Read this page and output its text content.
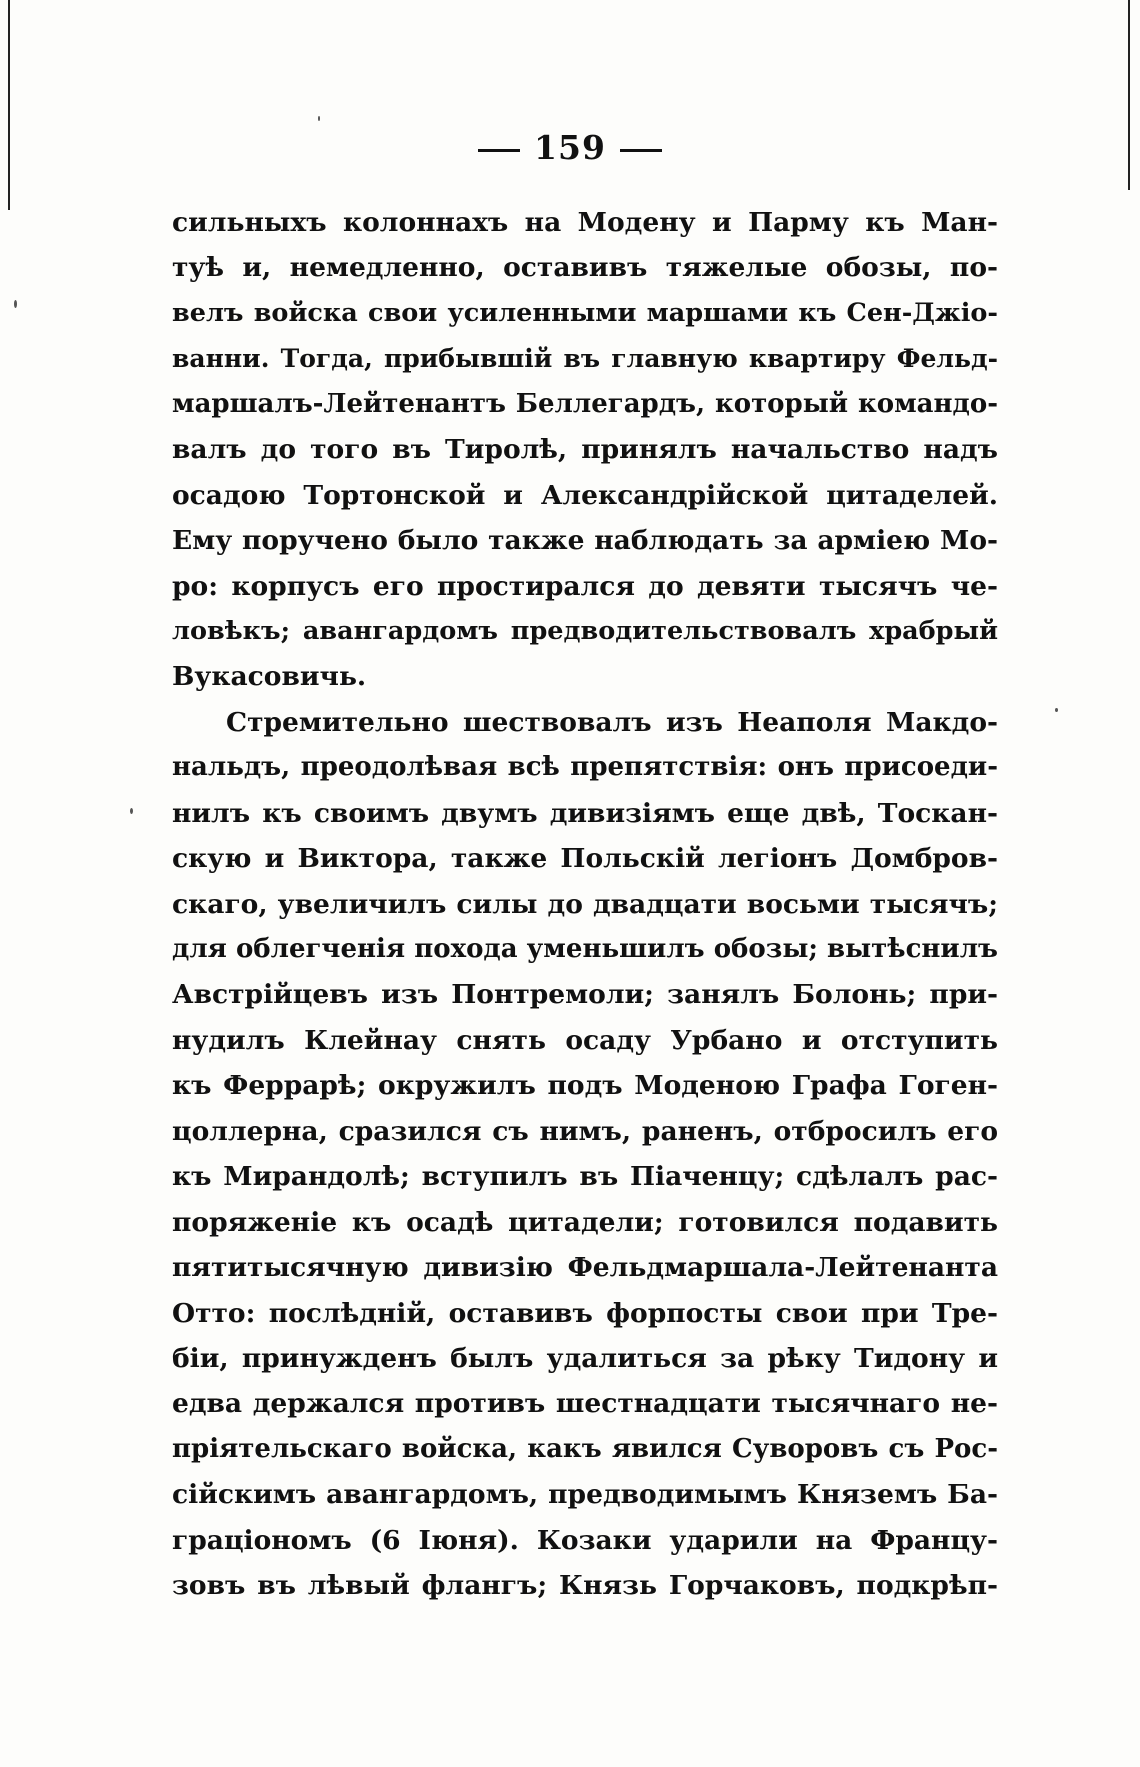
159
сильныхъ колоннахъ на Модену и Парму къ Ман-
туѣ и, немедленно, оставивъ тяжелые обозы, по-
велъ войска свои усиленными маршами къ Сен-Джіо-
ванни. Тогда, прибывшій въ главную квартиру Фельд-
маршалъ-Лейтенантъ Беллегардъ, который командо-
валъ до того въ Тиролѣ, принялъ начальство надъ
осадою Тортонской и Александрійской цитаделей.
Ему поручено было также наблюдать за арміею Мо-
ро: корпусъ его простирался до девяти тысячъ че-
ловѣкъ; авангардомъ предводительствовалъ храбрый
Вукасовичь.
Стремительно шествовалъ изъ Неаполя Макдо-
нальдъ, преодолѣвая всѣ препятствія: онъ присоеди-
нилъ къ своимъ двумъ дивизіямъ еще двѣ, Тоскан-
скую и Виктора, также Польскій легіонъ Домбров-
скаго, увеличилъ силы до двадцати восьми тысячъ;
для облегченія похода уменьшилъ обозы; вытѣснилъ
Австрійцевъ изъ Понтремоли; занялъ Болонь; при-
нудилъ Клейнау снять осаду Урбано и отступить
къ Феррарѣ; окружилъ подъ Моденою Графа Гоген-
цоллерна, сразился съ нимъ, раненъ, отбросилъ его
къ Мирандолѣ; вступилъ въ Піаченцу; сдѣлалъ рас-
поряженіе къ осадѣ цитадели; готовился подавить
пятитысячную дивизію Фельдмаршала-Лейтенанта
Отто: послѣдній, оставивъ форпосты свои при Тре-
біи, принужденъ былъ удалиться за рѣку Тидону и
едва держался противъ шестнадцати тысячнаго не-
пріятельскаго войска, какъ явился Суворовъ съ Рос-
сійскимъ авангардомъ, предводимымъ Княземъ Ба-
граціономъ (6 Іюня). Козаки ударили на Францу-
зовъ въ лѣвый флангъ; Князь Горчаковъ, подкрѣп-
